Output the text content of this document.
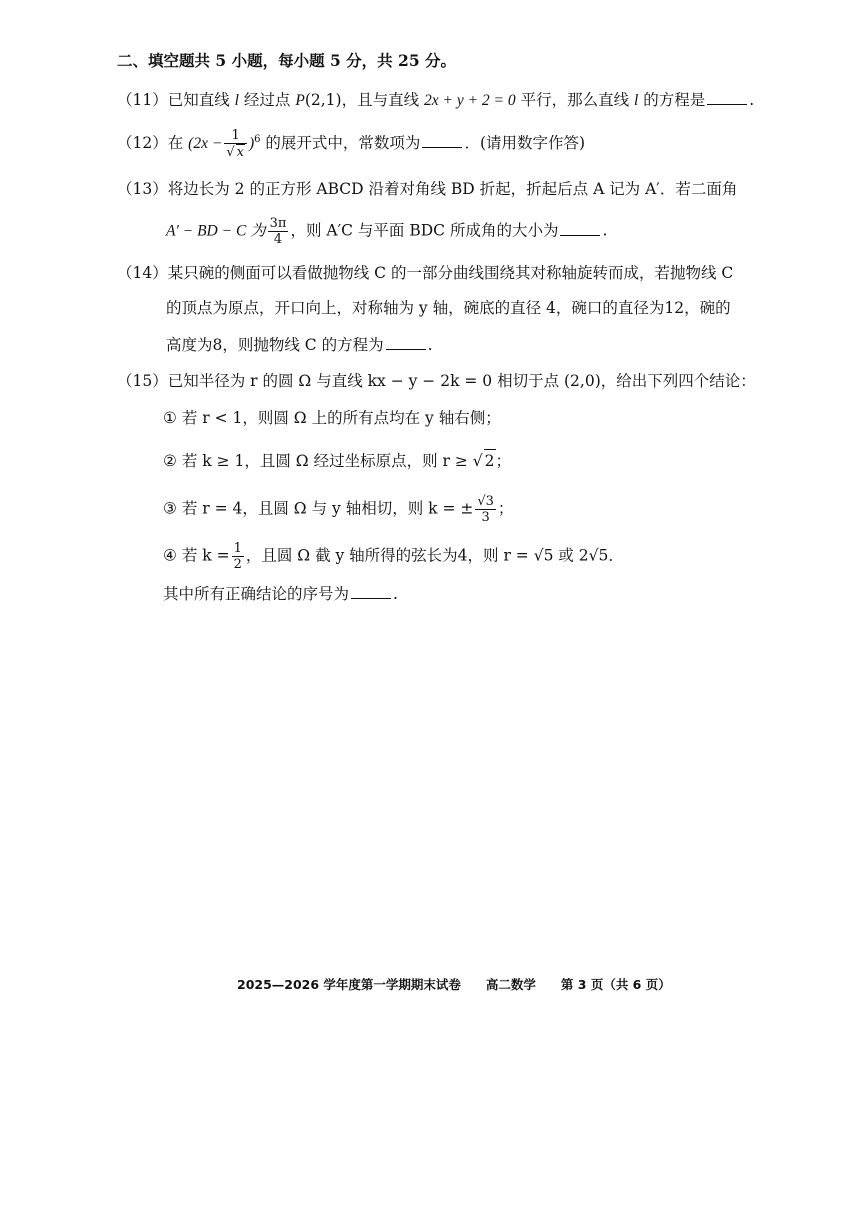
二、填空题共 5 小题，每小题 5 分，共 25 分。
（11）已知直线 l 经过点 P(2,1)，且与直线 2x + y + 2 = 0 平行，那么直线 l 的方程是	.
（12）在 $(2x - \frac{1}{√ x} )^6$ 的展开式中，常数项为	．(请用数字作答)
（13）将边长为 2 的正方形 ABCD 沿着对角线 BD 折起，折起后点 A 记为 A′．若二面角
A′ − BD − C 为 $\frac{3\pi}{4}$ ，则 A′C 与平面 BDC 所成角的大小为	.
（14）某只碗的侧面可以看做抛物线 C 的一部分曲线围绕其对称轴旋转而成，若抛物线 C
的顶点为原点，开口向上，对称轴为 y 轴，碗底的直径 4，碗口的直径为12，碗的
高度为8，则抛物线 C 的方程为	.
（15）已知半径为 r 的圆 Ω 与直线 kx − y − 2k = 0 相切于点 (2,0)，给出下列四个结论：
① 若 r < 1，则圆 Ω 上的所有点均在 y 轴右侧；
② 若 k ≥ 1，且圆 Ω 经过坐标原点，则 r ≥ √ 2；
③ 若 r = 4，且圆 Ω 与 y 轴相切，则 k = ± $\frac{√3}{3}$ ；
④ 若 $k = \frac{1}{2}$ ，且圆 Ω 截 y 轴所得的弦长为4，则 r = √5 或 2√5．
其中所有正确结论的序号为	.
2025—2026 学年度第一学期期末试卷　　高二数学　　第 3 页（共 6 页）
